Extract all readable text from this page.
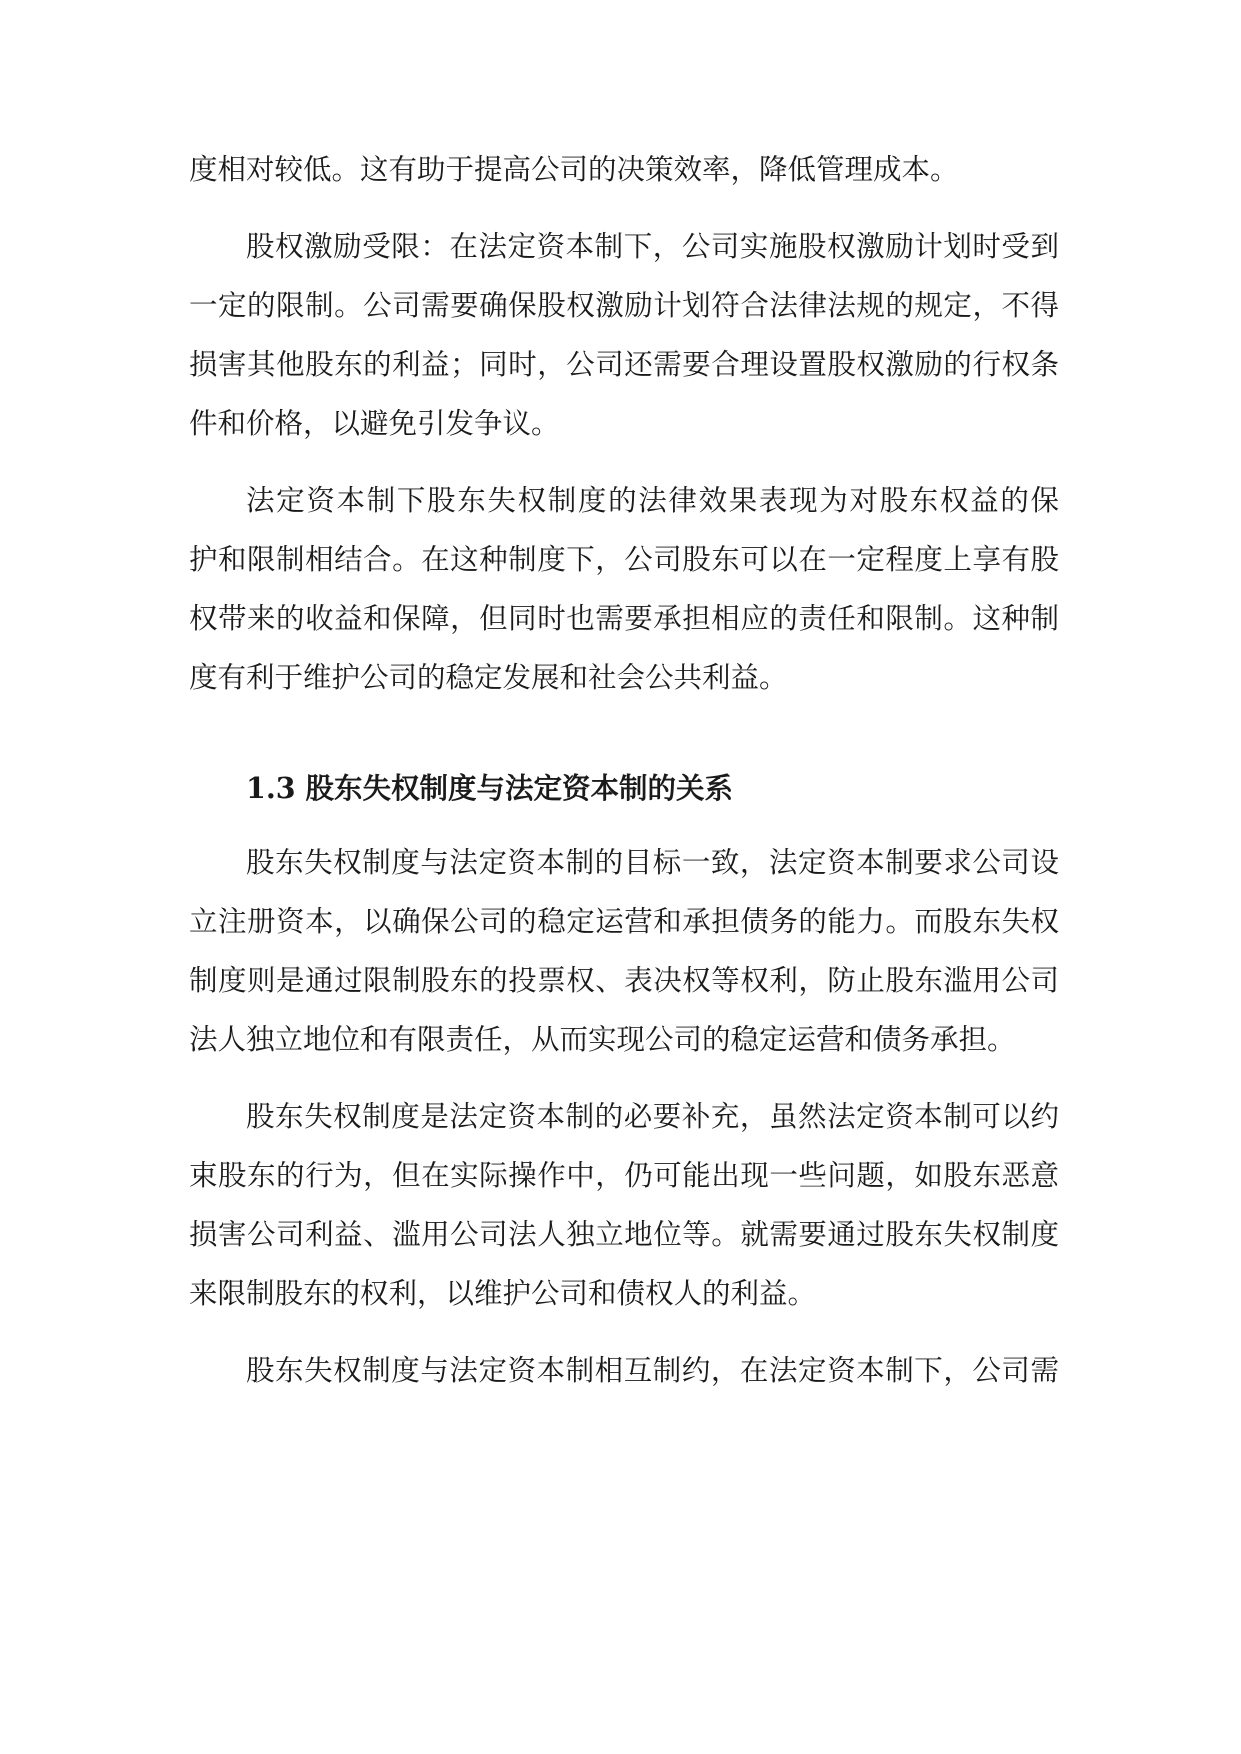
度相对较低。这有助于提高公司的决策效率，降低管理成本。
股权激励受限：在法定资本制下，公司实施股权激励计划时受到
一定的限制。公司需要确保股权激励计划符合法律法规的规定，不得
损害其他股东的利益；同时，公司还需要合理设置股权激励的行权条
件和价格，以避免引发争议。
法定资本制下股东失权制度的法律效果表现为对股东权益的保
护和限制相结合。在这种制度下，公司股东可以在一定程度上享有股
权带来的收益和保障，但同时也需要承担相应的责任和限制。这种制
度有利于维护公司的稳定发展和社会公共利益。
1.3 股东失权制度与法定资本制的关系
股东失权制度与法定资本制的目标一致，法定资本制要求公司设
立注册资本，以确保公司的稳定运营和承担债务的能力。而股东失权
制度则是通过限制股东的投票权、表决权等权利，防止股东滥用公司
法人独立地位和有限责任，从而实现公司的稳定运营和债务承担。
股东失权制度是法定资本制的必要补充，虽然法定资本制可以约
束股东的行为，但在实际操作中，仍可能出现一些问题，如股东恶意
损害公司利益、滥用公司法人独立地位等。就需要通过股东失权制度
来限制股东的权利，以维护公司和债权人的利益。
股东失权制度与法定资本制相互制约，在法定资本制下，公司需
